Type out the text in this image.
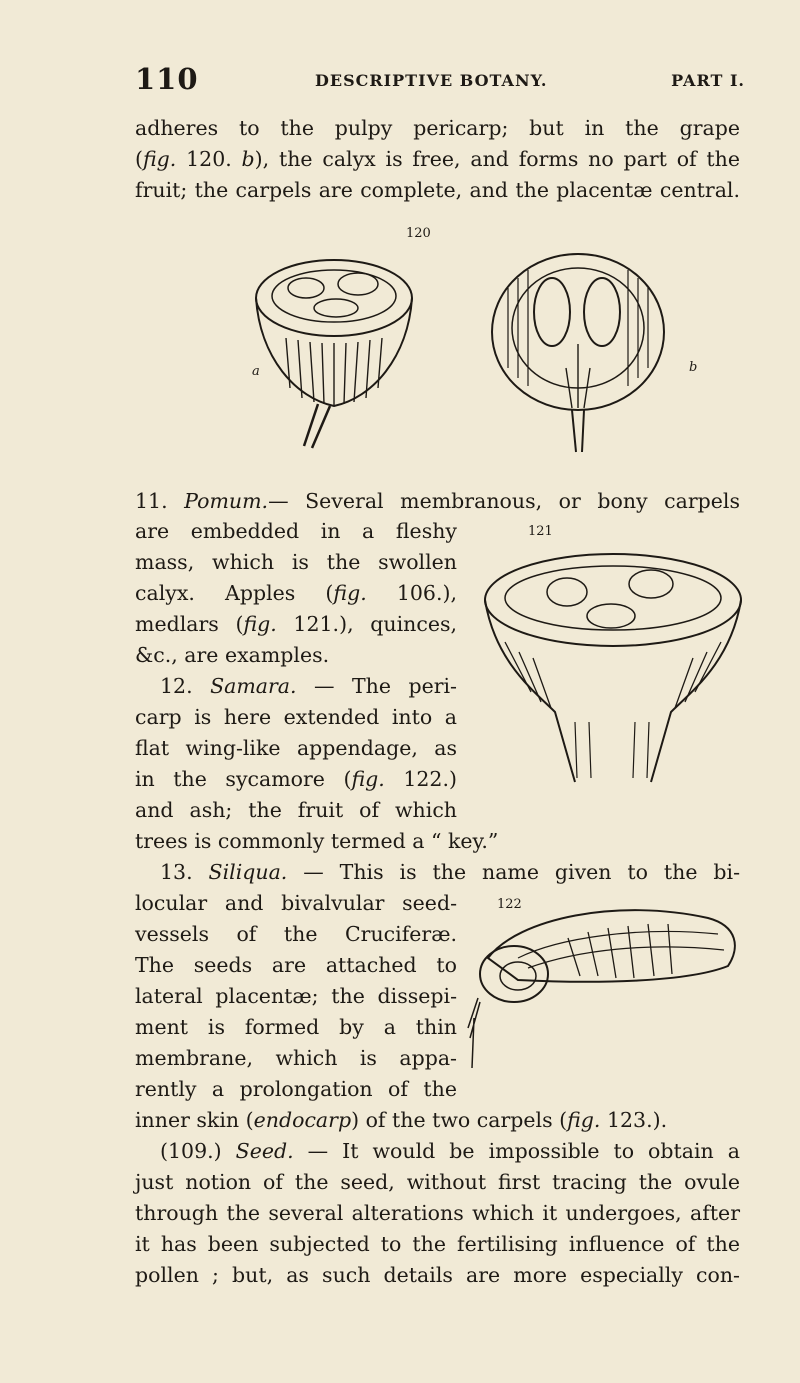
110	DESCRIPTIVE BOTANY.	PART I.
adheres to the pulpy pericarp; but in the grape
(fig. 120. b), the calyx is free, and forms no part of the
fruit; the carpels are complete, and the placentæ central.
120
a	b
11. Pomum.— Several membranous, or bony carpels
121
are embedded in a fleshy
mass, which is the swollen
calyx. Apples (fig. 106.),
medlars (fig. 121.), quinces,
&c., are examples.
12. Samara. — The peri-
carp is here extended into a
flat wing-like appendage, as
in the sycamore (fig. 122.)
and ash; the fruit of which
trees is commonly termed a “ key.”
13. Siliqua. — This is the name given to the bi-
122
locular and bivalvular seed-
vessels of the Cruciferæ.
The seeds are attached to
lateral placentæ; the dissepi-
ment is formed by a thin
membrane, which is appa-
rently a prolongation of the
inner skin (endocarp) of the two carpels (fig. 123.).
(109.) Seed. — It would be impossible to obtain a
just notion of the seed, without first tracing the ovule
through the several alterations which it undergoes, after
it has been subjected to the fertilising influence of the
pollen ; but, as such details are more especially con-
